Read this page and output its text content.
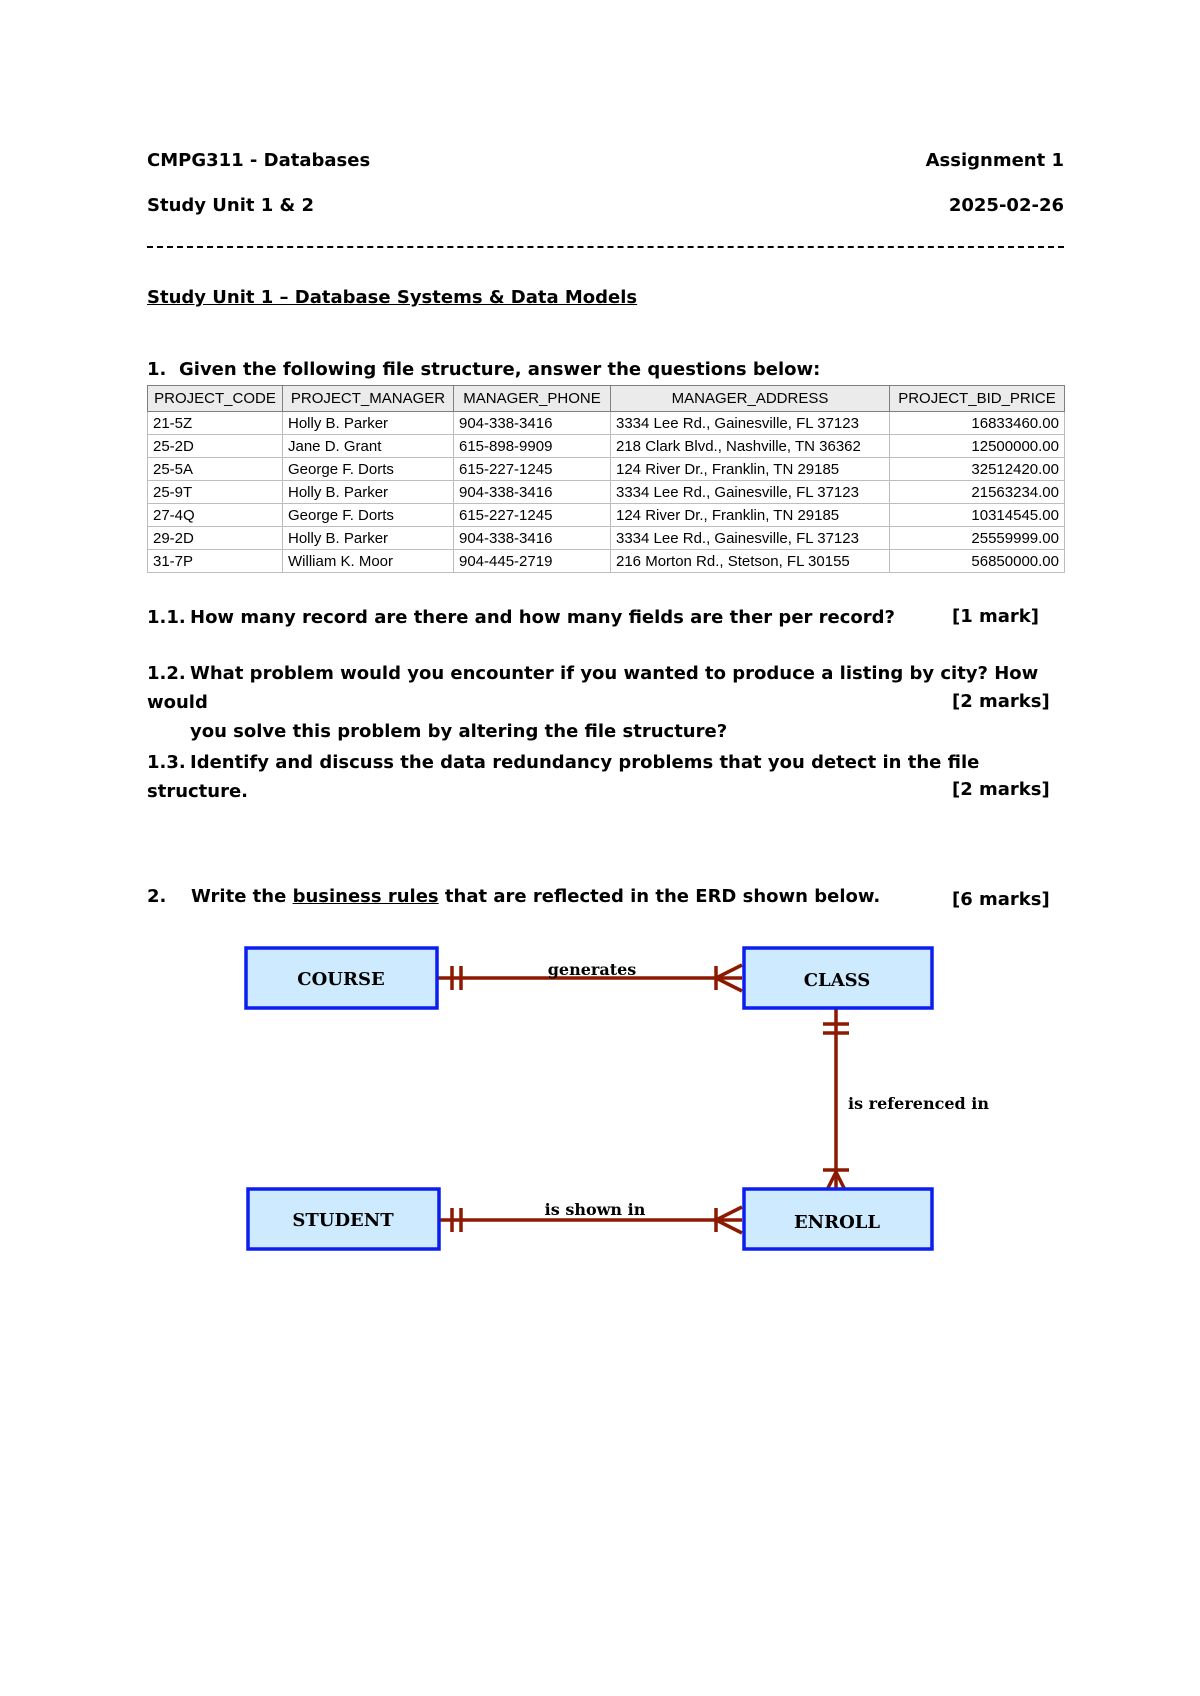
CMPG311 - Databases	Assignment 1
Study Unit 1 & 2	2025-02-26
Study Unit 1 – Database Systems & Data Models
1. Given the following file structure, answer the questions below:
PROJECT_CODE	PROJECT_MANAGER	MANAGER_PHONE	MANAGER_ADDRESS	PROJECT_BID_PRICE
21-5Z	Holly B. Parker	904-338-3416	3334 Lee Rd., Gainesville, FL 37123	16833460.00
25-2D	Jane D. Grant	615-898-9909	218 Clark Blvd., Nashville, TN 36362	12500000.00
25-5A	George F. Dorts	615-227-1245	124 River Dr., Franklin, TN 29185	32512420.00
25-9T	Holly B. Parker	904-338-3416	3334 Lee Rd., Gainesville, FL 37123	21563234.00
27-4Q	George F. Dorts	615-227-1245	124 River Dr., Franklin, TN 29185	10314545.00
29-2D	Holly B. Parker	904-338-3416	3334 Lee Rd., Gainesville, FL 37123	25559999.00
31-7P	William K. Moor	904-445-2719	216 Morton Rd., Stetson, FL 30155	56850000.00
1.1. How many record are there and how many fields are ther per record?	[1 mark]
1.2. What problem would you encounter if you wanted to produce a listing by city? How would
you solve this problem by altering the file structure?
[2 marks]
1.3. Identify and discuss the data redundancy problems that you detect in the file structure.	[2 marks]
2. Write the business rules that are reflected in the ERD shown below.	[6 marks]
COURSE	CLASS
STUDENT	ENROLL
generates
is referenced in
is shown in
